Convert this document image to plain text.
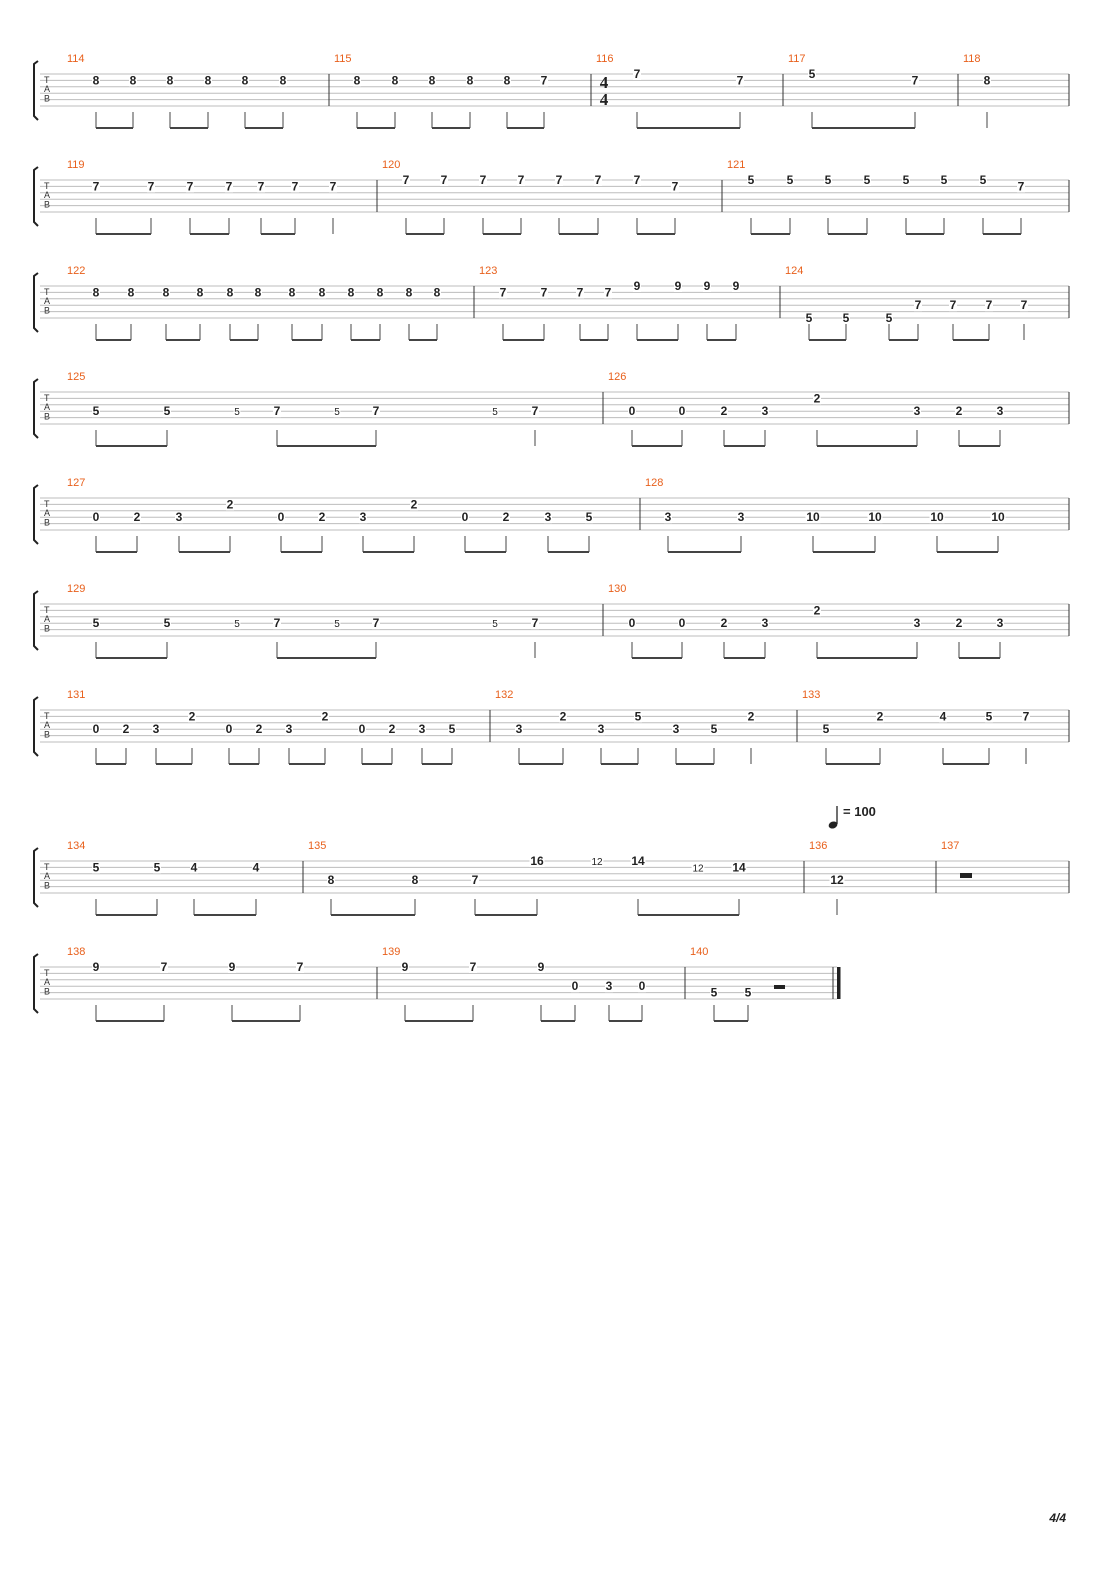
T
A
B
114
8	8	8	8	8	8
115
8	8	8	8	8	7
116
7	7
117
5	7
118
8
T
A
B
119
7	7	7	7 7 7	7
120
7	7	7	7	7	7	7	7
121
5	5	5	5	5	5	5	7
T
A
B
122
8 8 8 8 8 8 8 8 8 8 8 8
123
7	7 7 7 9	9 9 9
124
5	5	5
7 7 7 7
T
A
B
125
5	5	5	7	5	7	5	7
126
0	0	2	3
2
3	2	3
T
A
B
127
0	2	3
2
0	2	3
2
0	2	3	5
128
3	3	10	10	10	10
T
A
B
129
5	5	5	7	5	7	5	7
130
0	0	2	3
2
3	2	3
T
A
B
131
0 2 3
2
0 2 3
2
0 2 3 5
132
3
2
3
5
3	5
2
133
5
2	4	5	7
T
A
B
134
5	5	4	4
135
8	8	7
16	12 14
12 14
136
12
137
T
A
B
138
9	7	9	7
139
9	7	9
0 3 0
140
5 5
4
4
= 100
4/4
